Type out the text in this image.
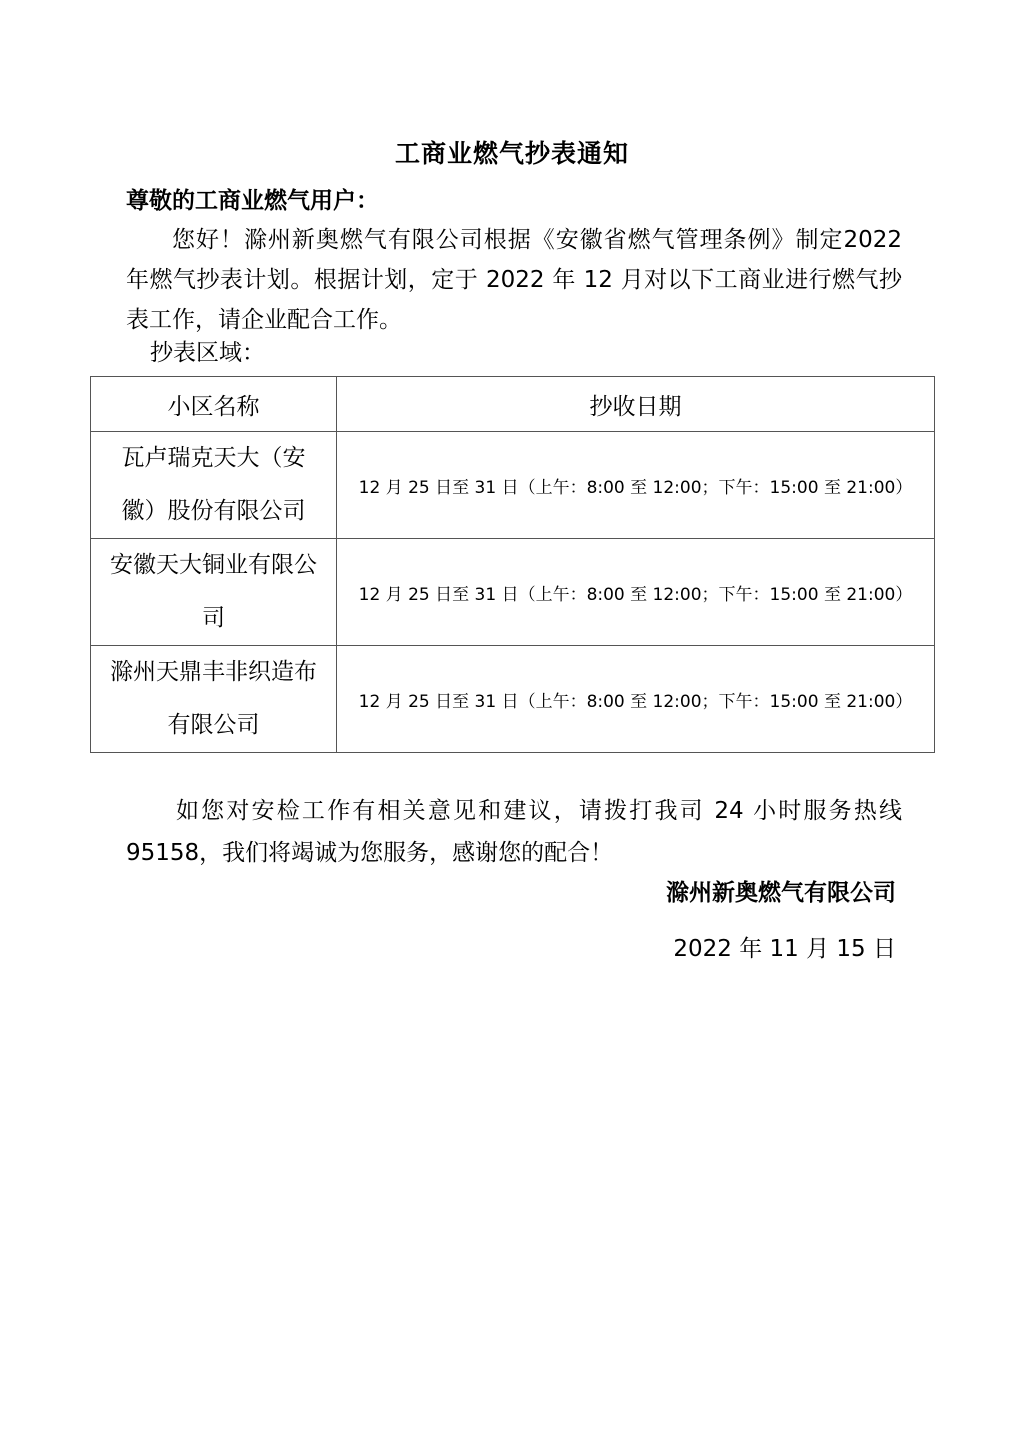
工商业燃气抄表通知
尊敬的工商业燃气用户：
您好！滁州新奥燃气有限公司根据《安徽省燃气管理条例》制定2022 年燃气抄表计划。根据计划，定于 2022 年 12 月对以下工商业进行燃气抄表工作，请企业配合工作。
抄表区域：
小区名称	抄收日期
瓦卢瑞克天大（安徽）股份有限公司	12 月 25 日至 31 日（上午：8:00 至 12:00；下午：15:00 至 21:00）
安徽天大铜业有限公司	12 月 25 日至 31 日（上午：8:00 至 12:00；下午：15:00 至 21:00）
滁州天鼎丰非织造布有限公司	12 月 25 日至 31 日（上午：8:00 至 12:00；下午：15:00 至 21:00）
如您对安检工作有相关意见和建议，请拨打我司 24 小时服务热线 95158，我们将竭诚为您服务，感谢您的配合！
滁州新奥燃气有限公司
2022 年 11 月 15 日
